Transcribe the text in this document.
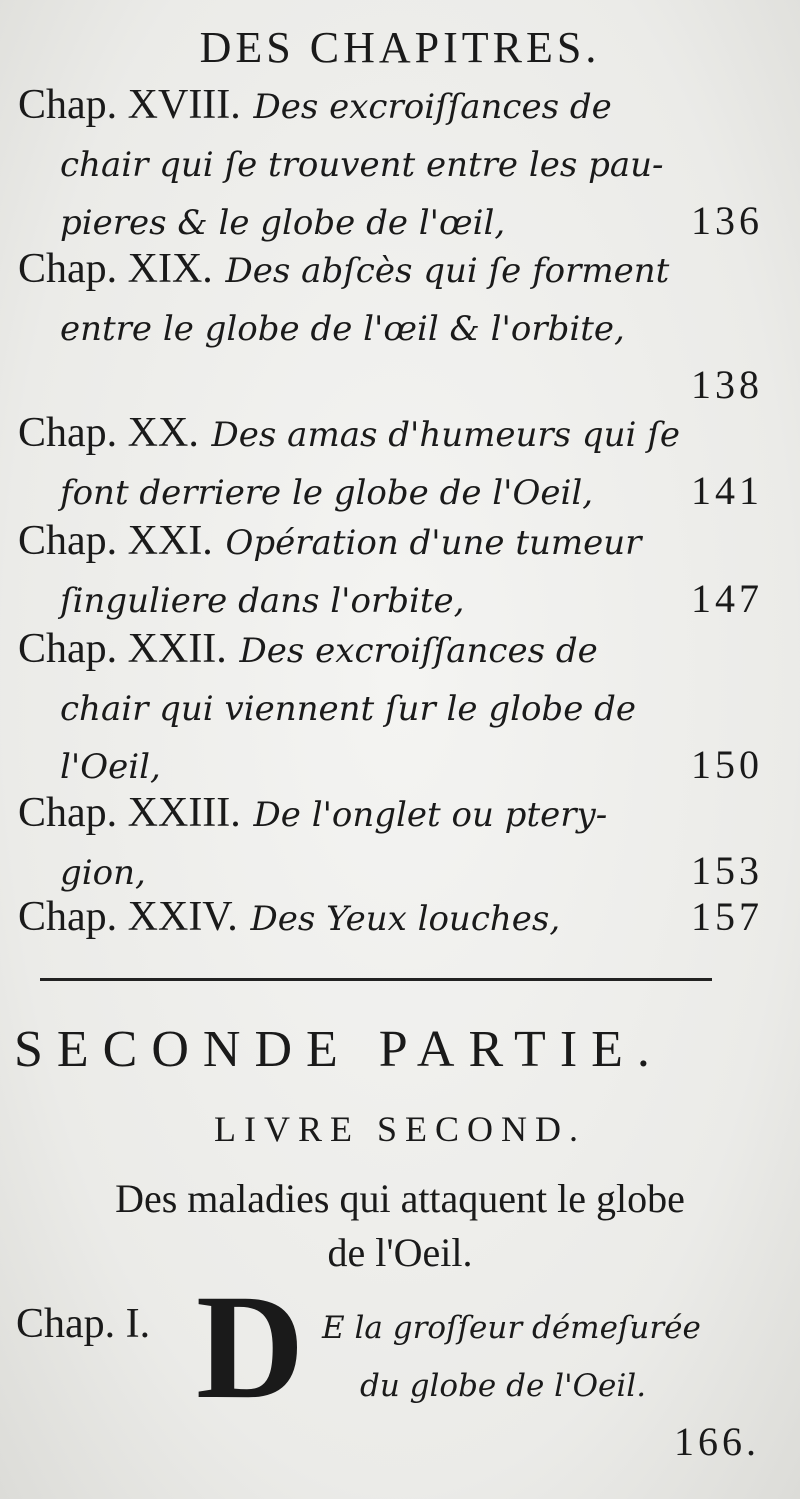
DES CHAPITRES.
Chap. XVIII. Des excroiſſances de
chair qui ſe trouvent entre les pau-
pieres & le globe de l'œil,	136
Chap. XIX. Des abſcès qui ſe forment
entre le globe de l'œil & l'orbite,
138
Chap. XX. Des amas d'humeurs qui ſe
font derriere le globe de l'Oeil, 141
Chap. XXI. Opération d'une tumeur
ſinguliere dans l'orbite,	147
Chap. XXII. Des excroiſſances de
chair qui viennent ſur le globe de
l'Oeil,	150
Chap. XXIII. De l'onglet ou ptery-
gion,	153
Chap. XXIV. Des Yeux louches,	157
SECONDE PARTIE.
LIVRE SECOND.
Des maladies qui attaquent le globe
de l'Oeil.
Chap. I. D E la groſſeur démeſurée
du globe de l'Oeil.
166.
